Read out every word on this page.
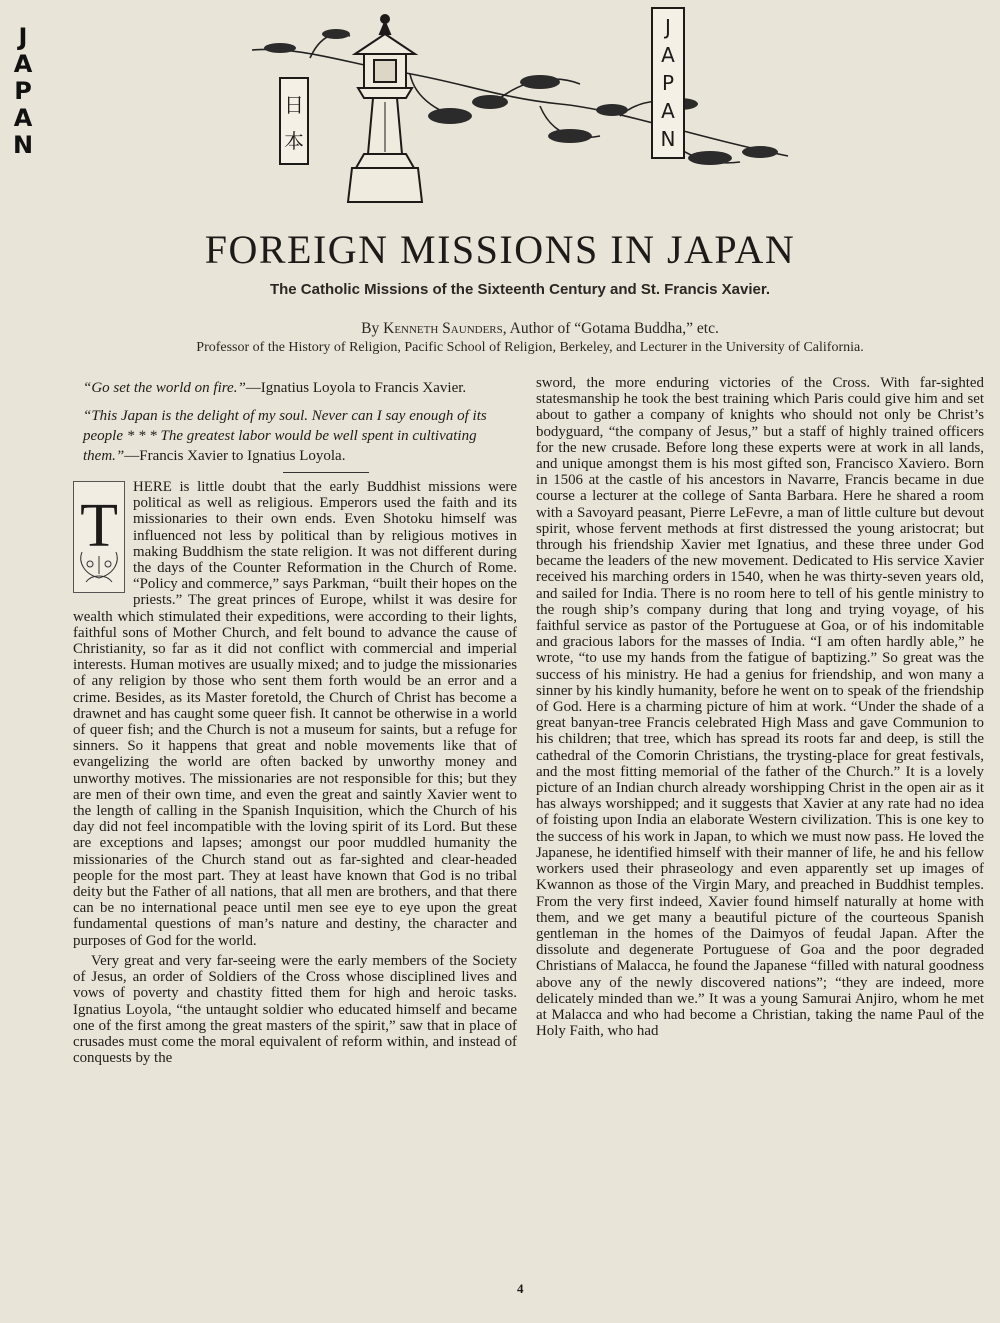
J
A
P
A
N
日
本
J
A
P
A
N
FOREIGN MISSIONS IN JAPAN
The Catholic Missions of the Sixteenth Century and St. Francis Xavier.
By Kenneth Saunders, Author of “Gotama Buddha,” etc.
Professor of the History of Religion, Pacific School of Religion, Berkeley, and Lecturer in the University of California.

“Go set the world on fire.”—Ignatius Loyola to Francis Xavier.

“This Japan is the delight of my soul. Never can I say enough of its people * * * The greatest labor would be well spent in cultivating them.”—Francis Xavier to Ignatius Loyola.

T

HERE is little doubt that the early Buddhist missions were political as well as religious. Emperors used the faith and its missionaries to their own ends. Even Shotoku himself was influenced not less by political than by religious motives in making Buddhism the state religion. It was not different during the days of the Counter Reformation in the Church of Rome. “Policy and commerce,” says Parkman, “built their hopes on the priests.” The great princes of Europe, whilst it was desire for wealth which stimulated their expeditions, were according to their lights, faithful sons of Mother Church, and felt bound to advance the cause of Christianity, so far as it did not conflict with commercial and imperial interests. Human motives are usually mixed; and to judge the missionaries of any religion by those who sent them forth would be an error and a crime. Besides, as its Master foretold, the Church of Christ has become a drawnet and has caught some queer fish. It cannot be otherwise in a world of queer fish; and the Church is not a museum for saints, but a refuge for sinners. So it happens that great and noble movements like that of evangelizing the world are often backed by unworthy money and unworthy motives. The missionaries are not responsible for this; but they are men of their own time, and even the great and saintly Xavier went to the length of calling in the Spanish Inquisition, which the Church of his day did not feel incompatible with the loving spirit of its Lord. But these are exceptions and lapses; amongst our poor muddled humanity the missionaries of the Church stand out as far-sighted and clear-headed people for the most part. They at least have known that God is no tribal deity but the Father of all nations, that all men are brothers, and that there can be no international peace until men see eye to eye upon the great fundamental questions of man’s nature and destiny, the character and purposes of God for the world.

Very great and very far-seeing were the early members of the Society of Jesus, an order of Soldiers of the Cross whose disciplined lives and vows of poverty and chastity fitted them for high and heroic tasks. Ignatius Loyola, “the untaught soldier who educated himself and became one of the first among the great masters of the spirit,” saw that in place of crusades must come the moral equivalent of reform within, and instead of conquests by the

sword, the more enduring victories of the Cross. With far-sighted statesmanship he took the best training which Paris could give him and set about to gather a company of knights who should not only be Christ’s bodyguard, “the company of Jesus,” but a staff of highly trained officers for the new crusade. Before long these experts were at work in all lands, and unique amongst them is his most gifted son, Francisco Xaviero. Born in 1506 at the castle of his ancestors in Navarre, Francis became in due course a lecturer at the college of Santa Barbara. Here he shared a room with a Savoyard peasant, Pierre LeFevre, a man of little culture but devout spirit, whose fervent methods at first distressed the young aristocrat; but through his friendship Xavier met Ignatius, and these three under God became the leaders of the new movement. Dedicated to His service Xavier received his marching orders in 1540, when he was thirty-seven years old, and sailed for India. There is no room here to tell of his gentle ministry to the rough ship’s company during that long and trying voyage, of his faithful service as pastor of the Portuguese at Goa, or of his indomitable and gracious labors for the masses of India. “I am often hardly able,” he wrote, “to use my hands from the fatigue of baptizing.” So great was the success of his ministry. He had a genius for friendship, and won many a sinner by his kindly humanity, before he went on to speak of the friendship of God. Here is a charming picture of him at work. “Under the shade of a great banyan-tree Francis celebrated High Mass and gave Communion to his children; that tree, which has spread its roots far and deep, is still the cathedral of the Comorin Christians, the trysting-place for great festivals, and the most fitting memorial of the father of the Church.” It is a lovely picture of an Indian church already worshipping Christ in the open air as it has always worshipped; and it suggests that Xavier at any rate had no idea of foisting upon India an elaborate Western civilization. This is one key to the success of his work in Japan, to which we must now pass. He loved the Japanese, he identified himself with their manner of life, he and his fellow workers used their phraseology and even apparently set up images of Kwannon as those of the Virgin Mary, and preached in Buddhist temples. From the very first indeed, Xavier found himself naturally at home with them, and we get many a beautiful picture of the courteous Spanish gentleman in the homes of the Daimyos of feudal Japan. After the dissolute and degenerate Portuguese of Goa and the poor degraded Christians of Malacca, he found the Japanese “filled with natural goodness above any of the newly discovered nations”; “they are indeed, more delicately minded than we.” It was a young Samurai Anjiro, whom he met at Malacca and who had become a Christian, taking the name Paul of the Holy Faith, who had

4
